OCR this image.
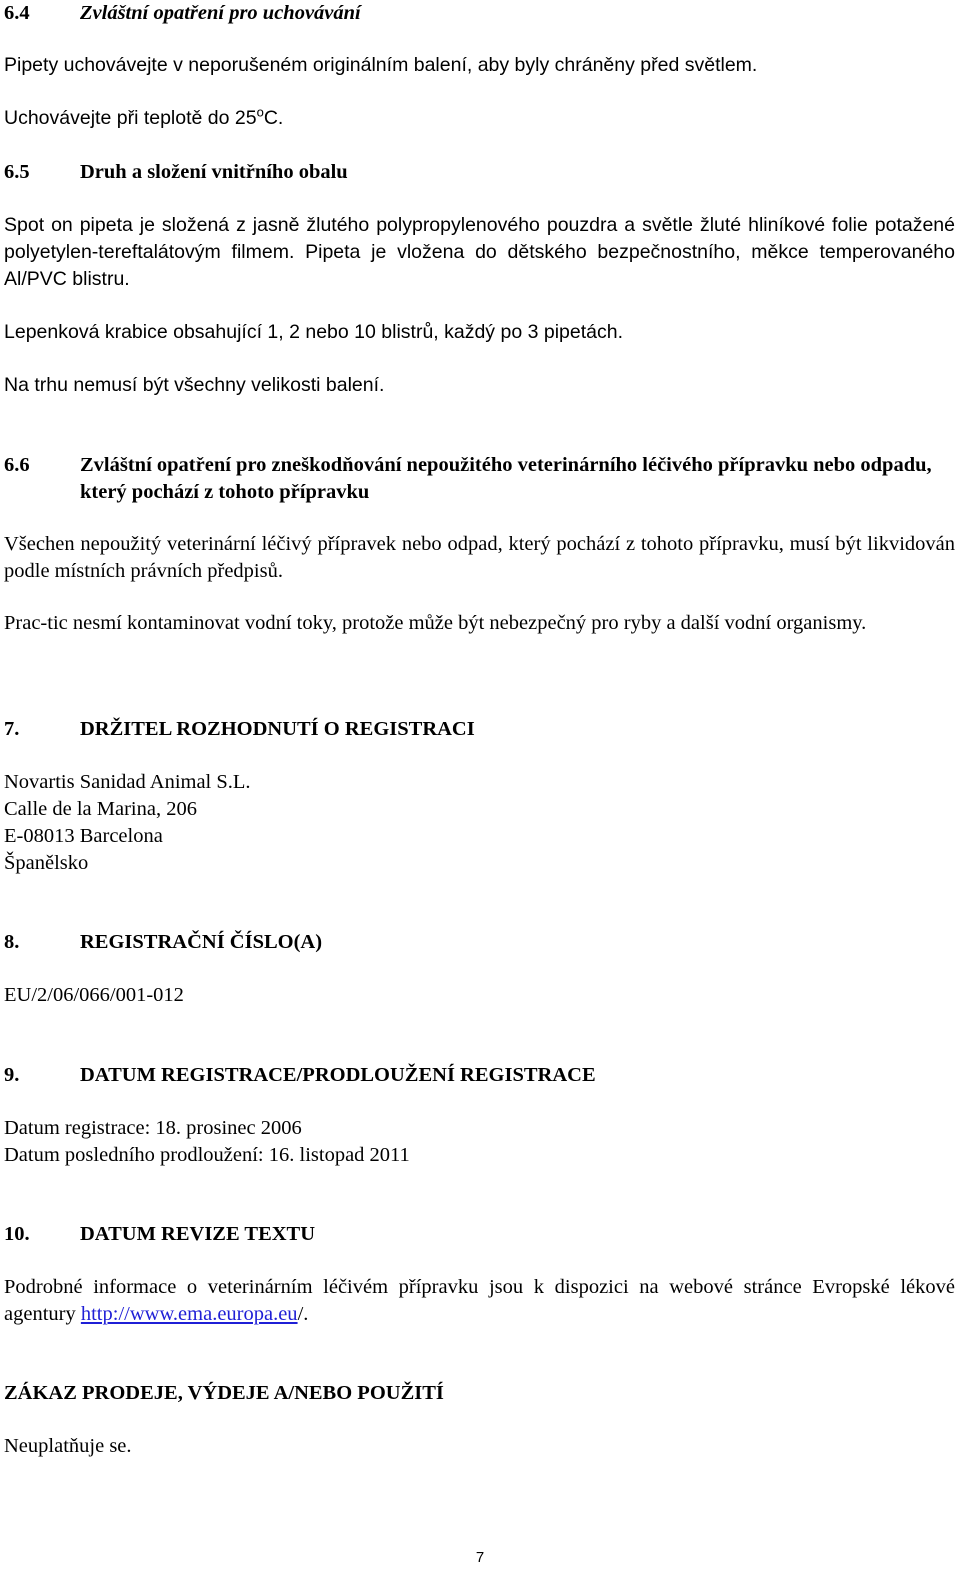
6.4 Zvláštní opatření pro uchovávání

Pipety uchovávejte v neporušeném originálním balení, aby byly chráněny před světlem.

Uchovávejte při teplotě do 25$^o$C.

6.5 Druh a složení vnitřního obalu

Spot on pipeta je složená z jasně žlutého polypropylenového pouzdra a světle žluté hliníkové folie potažené polyetylen-tereftalátovým filmem. Pipeta je vložena do dětského bezpečnostního, měkce temperovaného Al/PVC blistru.

Lepenková krabice obsahující 1, 2 nebo 10 blistrů, každý po 3 pipetách.

Na trhu nemusí být všechny velikosti balení.

6.6 Zvláštní opatření pro zneškodňování nepoužitého veterinárního léčivého přípravku nebo odpadu, který pochází z tohoto přípravku

Všechen nepoužitý veterinární léčivý přípravek nebo odpad, který pochází z tohoto přípravku, musí být likvidován podle místních právních předpisů.

Prac-tic nesmí kontaminovat vodní toky, protože může být nebezpečný pro ryby a další vodní organismy.

7.	DRŽITEL ROZHODNUTÍ O REGISTRACI
Novartis Sanidad Animal S.L.
Calle de la Marina, 206
E-08013 Barcelona
Španělsko
8.	REGISTRAČNÍ ČÍSLO(A)

EU/2/06/066/001-012

9.	DATUM REGISTRACE/PRODLOUŽENÍ REGISTRACE
Datum registrace: 18. prosinec 2006
Datum posledního prodloužení: 16. listopad 2011
10. DATUM REVIZE TEXTU

Podrobné informace o veterinárním léčivém přípravku jsou k dispozici na webové stránce Evropské lékové agentury http://www.ema.europa.eu/.

ZÁKAZ PRODEJE, VÝDEJE A/NEBO POUŽITÍ

Neuplatňuje se.

7
